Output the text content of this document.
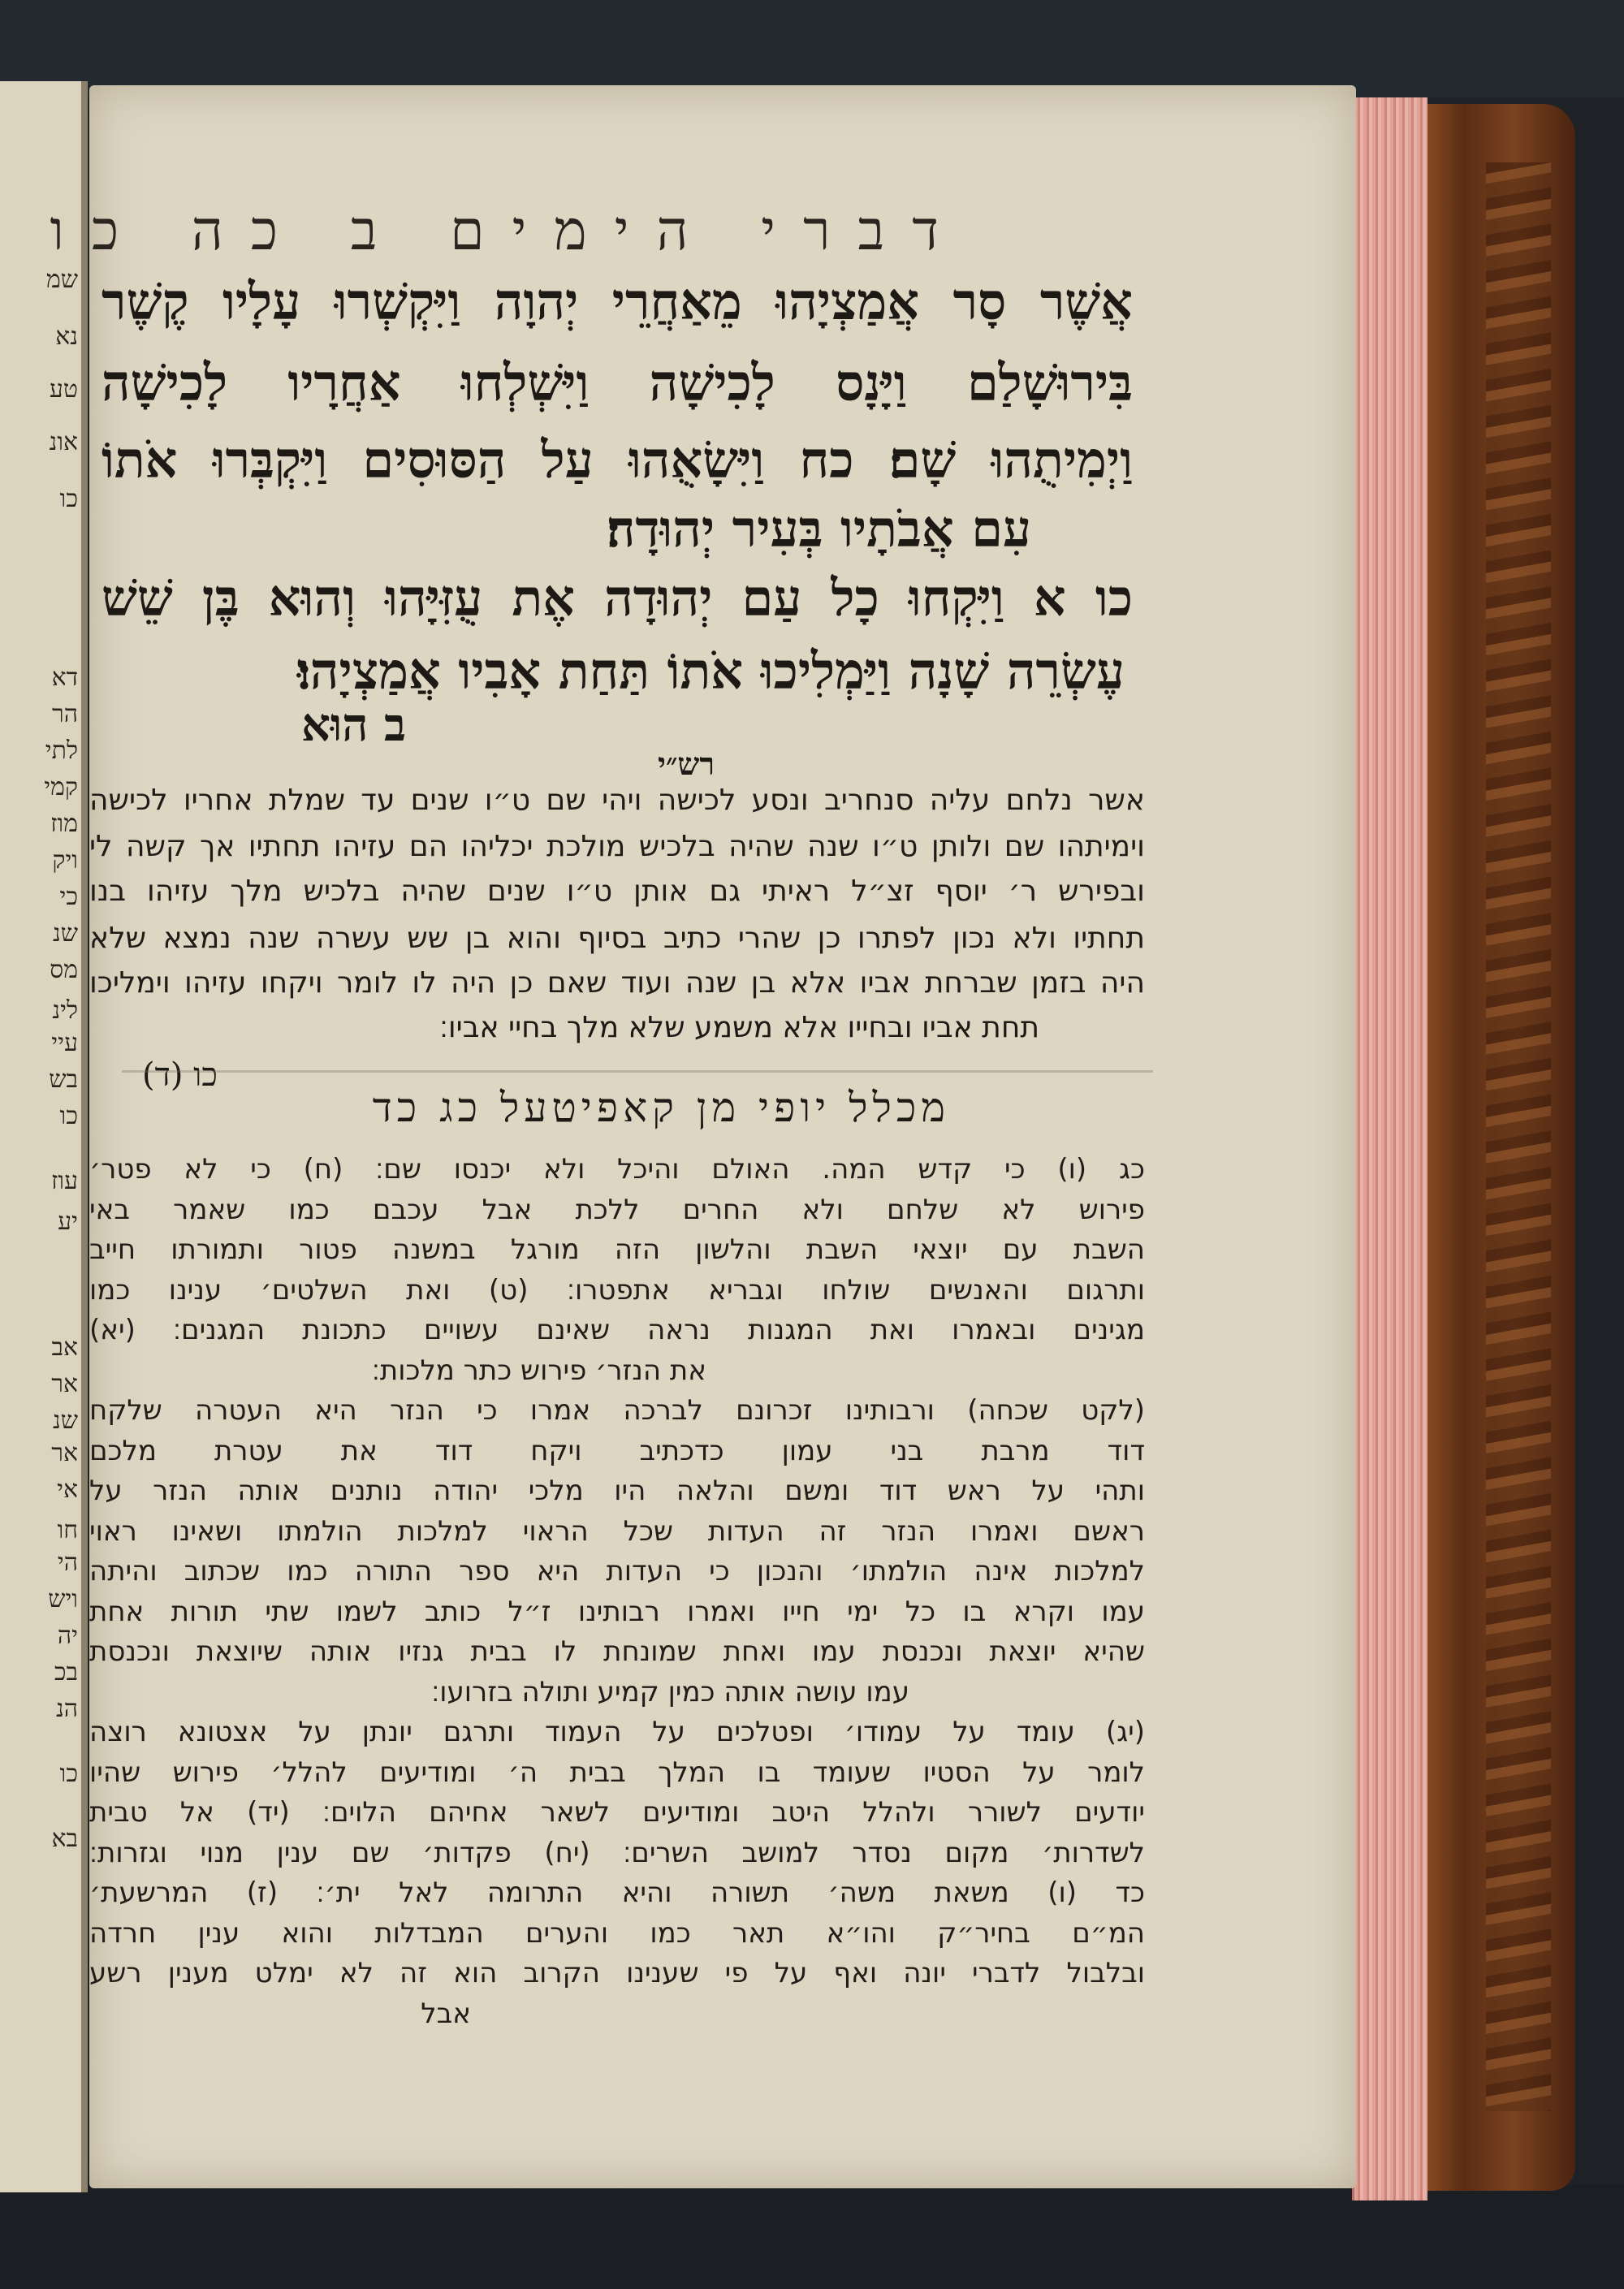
שמ
נא
טע
אונ
כו
דא
הר
לתי
קמי
מוז
ויק
כי
שנ
מס
לינ
עיי
בש
כו
עוז
יע
אב
אר
שנ
אר
אי
חו
הי
ויש
יה
בכ
הנ
כו
בא
דברי הימים ב כה כו
אֲשֶׁר סָר אֲמַצְיָהוּ מֵאַחֲרֵי יְהוָה וַיִּקְשְׁרוּ עָלָיו קֶשֶׁר
בִּירוּשָׁלַם וַיָּנָס לָכִישָׁה וַיִּשְׁלְחוּ אַחֲרָיו לָכִישָׁה
וַיְמִיתֻהוּ שָׁם׃ כח וַיִּשָׂאֻהוּ עַל הַסּוּסִים וַיִּקְבְּרוּ אֹתוֹ
עִם אֲבֹתָיו בְּעִיר יְהוּדָה׃
כו א וַיִּקְחוּ כָל עַם יְהוּדָה אֶת עֻזִּיָּהוּ וְהוּא בֶּן שֵׁשׁ
עֶשְׂרֵה שָׁנָה וַיַּמְלִיכוּ אֹתוֹ תַּחַת אָבִיו אֲמַצְיָהוּ׃
ב הוּא
רש״י
אשר נלחם עליה סנחריב ונסע לכישה ויהי שם ט״ו שנים עד שמלת אחריו לכישה
וימיתהו שם ולותן ט״ו שנה שהיה בלכיש מולכת יכליהו הם עזיהו תחתיו אך קשה לי
ובפירש ר׳ יוסף זצ״ל ראיתי גם אותן ט״ו שנים שהיה בלכיש מלך עזיהו בנו
תחתיו ולא נכון לפתרו כן שהרי כתיב בסיוף והוא בן שש עשרה שנה נמצא שלא
היה בזמן שברחת אביו אלא בן שנה ועוד שאם כן היה לו לומר ויקחו עזיהו וימליכו
תחת אביו ובחייו אלא משמע שלא מלך בחיי אביו׃
כו (ד)
מכלל יופי מן קאפיטעל כג כד
כג (ו) כי קדש המה. האולם והיכל ולא יכנסו שם׃ (ח) כי לא פטר׳
פירוש לא שלחם ולא החרים ללכת אבל עכבם כמו שאמר באי
השבת עם יוצאי השבת והלשון הזה מורגל במשנה פטור ותמורתו חייב
ותרגום והאנשים שולחו וגבריא אתפטרו׃ (ט) ואת השלטים׳ ענינו כמו
מגינים ובאמרו ואת המגנות נראה שאינם עשויים כתכונת המגנים׃ (יא)
את הנזר׳ פירוש כתר מלכות׃
(לקט שכחה) ורבותינו זכרונם לברכה אמרו כי הנזר היא העטרה שלקח
דוד מרבת בני עמון כדכתיב ויקח דוד את עטרת מלכם
ותהי על ראש דוד ומשם והלאה היו מלכי יהודה נותנים אותה הנזר על
ראשם ואמרו הנזר זה העדות שכל הראוי למלכות הולמתו ושאינו ראוי
למלכות אינה הולמתו׳ והנכון כי העדות היא ספר התורה כמו שכתוב והיתה
עמו וקרא בו כל ימי חייו ואמרו רבותינו ז״ל כותב לשמו שתי תורות אחת
שהיא יוצאת ונכנסת עמו ואחת שמונחת לו בבית גנזיו אותה שיוצאת ונכנסת
עמו עושה אותה כמין קמיע ותולה בזרועו׃
(יג) עומד על עמודו׳ ופטלכים על העמוד ותרגם יונתן על אצטונא רוצה
לומר על הסטיו שעומד בו המלך בבית ה׳ ומודיעים להלל׳ פירוש שהיו
יודעים לשורר ולהלל היטב ומודיעים לשאר אחיהם הלוים׃ (יד) אל טבית
לשדרות׳ מקום נסדר למושב השרים׃ (יח) פקדות׳ שם ענין מנוי וגזרות׃
כד (ו) משאת משה׳ תשורה והיא התרומה לאל ית׳׃ (ז) המרשעת׳
המ״ם בחיר״ק והו״א תאר כמו והערים המבדלות והוא ענין חרדה
ובלבול לדברי יונה ואף על פי שענינו הקרוב הוא זה לא ימלט מענין רשע
אבל
